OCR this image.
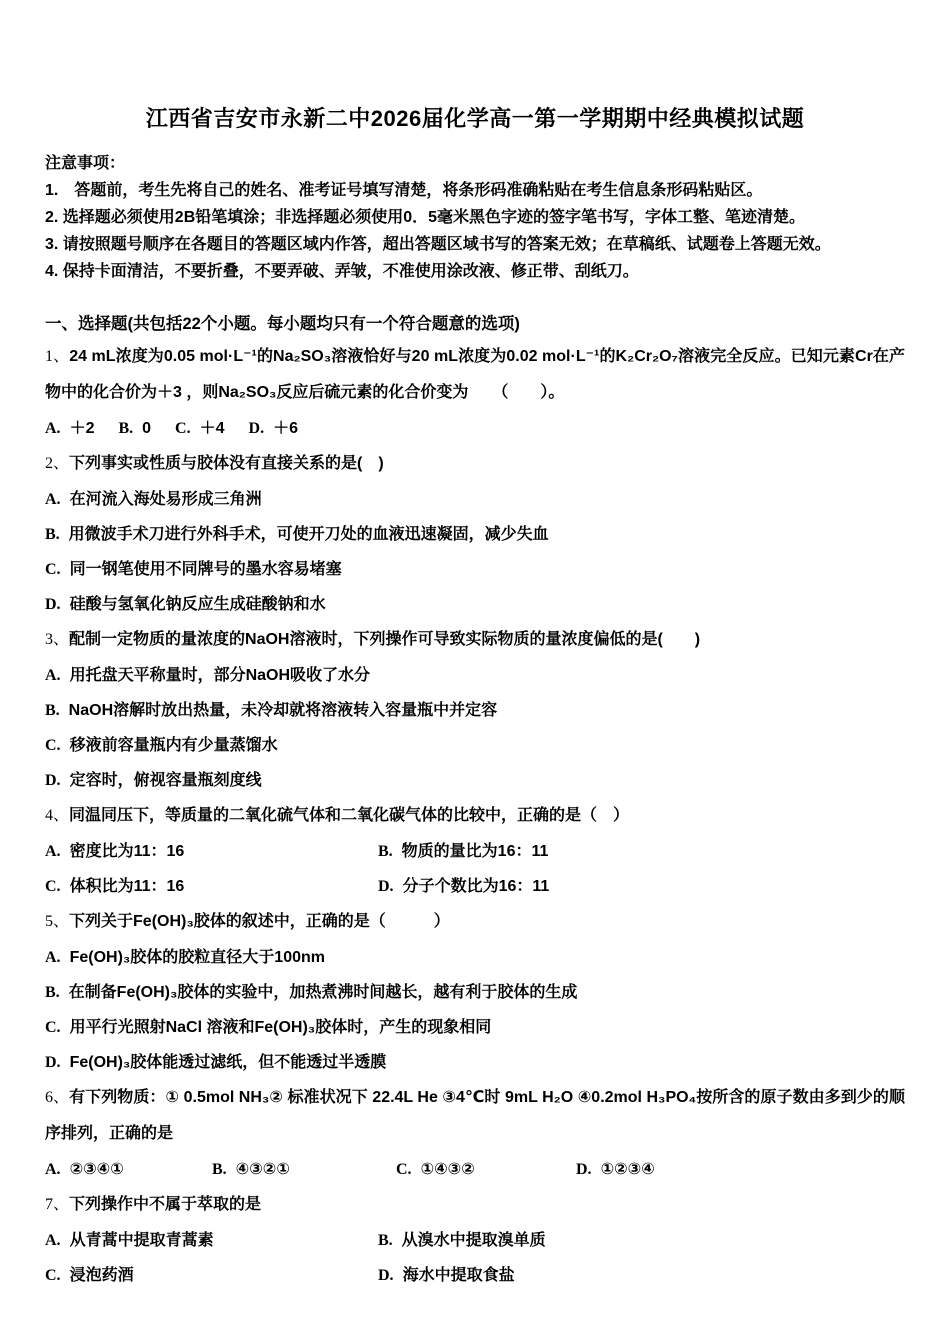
江西省吉安市永新二中2026届化学高一第一学期期中经典模拟试题

注意事项：

1.　答题前，考生先将自己的姓名、准考证号填写清楚，将条形码准确粘贴在考生信息条形码粘贴区。

2. 选择题必须使用2B铅笔填涂；非选择题必须使用0．5毫米黑色字迹的签字笔书写，字体工整、笔迹清楚。

3. 请按照题号顺序在各题目的答题区域内作答，超出答题区域书写的答案无效；在草稿纸、试题卷上答题无效。

4. 保持卡面清洁，不要折叠，不要弄破、弄皱，不准使用涂改液、修正带、刮纸刀。

一、选择题(共包括22个小题。每小题均只有一个符合题意的选项)

1、24 mL浓度为0.05 mol·L⁻¹的Na₂SO₃溶液恰好与20 mL浓度为0.02 mol·L⁻¹的K₂Cr₂O₇溶液完全反应。已知元素Cr在产物中的化合价为＋3 ，则Na₂SO₃反应后硫元素的化合价变为　　（　　）。

A. ＋2 B. 0 C. ＋4 D. ＋6

2、下列事实或性质与胶体没有直接关系的是(　)

A. 在河流入海处易形成三角洲
B. 用微波手术刀进行外科手术，可使开刀处的血液迅速凝固，减少失血
C. 同一钢笔使用不同牌号的墨水容易堵塞
D. 硅酸与氢氧化钠反应生成硅酸钠和水

3、配制一定物质的量浓度的NaOH溶液时，下列操作可导致实际物质的量浓度偏低的是(　　)

A. 用托盘天平称量时，部分NaOH吸收了水分
B. NaOH溶解时放出热量，未冷却就将溶液转入容量瓶中并定容
C. 移液前容量瓶内有少量蒸馏水
D. 定容时，俯视容量瓶刻度线

4、同温同压下，等质量的二氧化硫气体和二氧化碳气体的比较中，正确的是（　）

A. 密度比为11：16	B. 物质的量比为16：11
C. 体积比为11：16	D. 分子个数比为16：11

5、下列关于Fe(OH)₃胶体的叙述中，正确的是（　　　）

A. Fe(OH)₃胶体的胶粒直径大于100nm
B. 在制备Fe(OH)₃胶体的实验中，加热煮沸时间越长，越有利于胶体的生成
C. 用平行光照射NaCl 溶液和Fe(OH)₃胶体时，产生的现象相同
D. Fe(OH)₃胶体能透过滤纸，但不能透过半透膜

6、有下列物质：① 0.5mol NH₃② 标准状况下 22.4L He ③4℃时 9mL H₂O ④0.2mol H₃PO₄按所含的原子数由多到少的顺序排列，正确的是

A. ②③④①	B. ④③②①	C. ①④③②	D. ①②③④

7、下列操作中不属于萃取的是

A. 从青蒿中提取青蒿素	B. 从溴水中提取溴单质
C. 浸泡药酒	D. 海水中提取食盐
